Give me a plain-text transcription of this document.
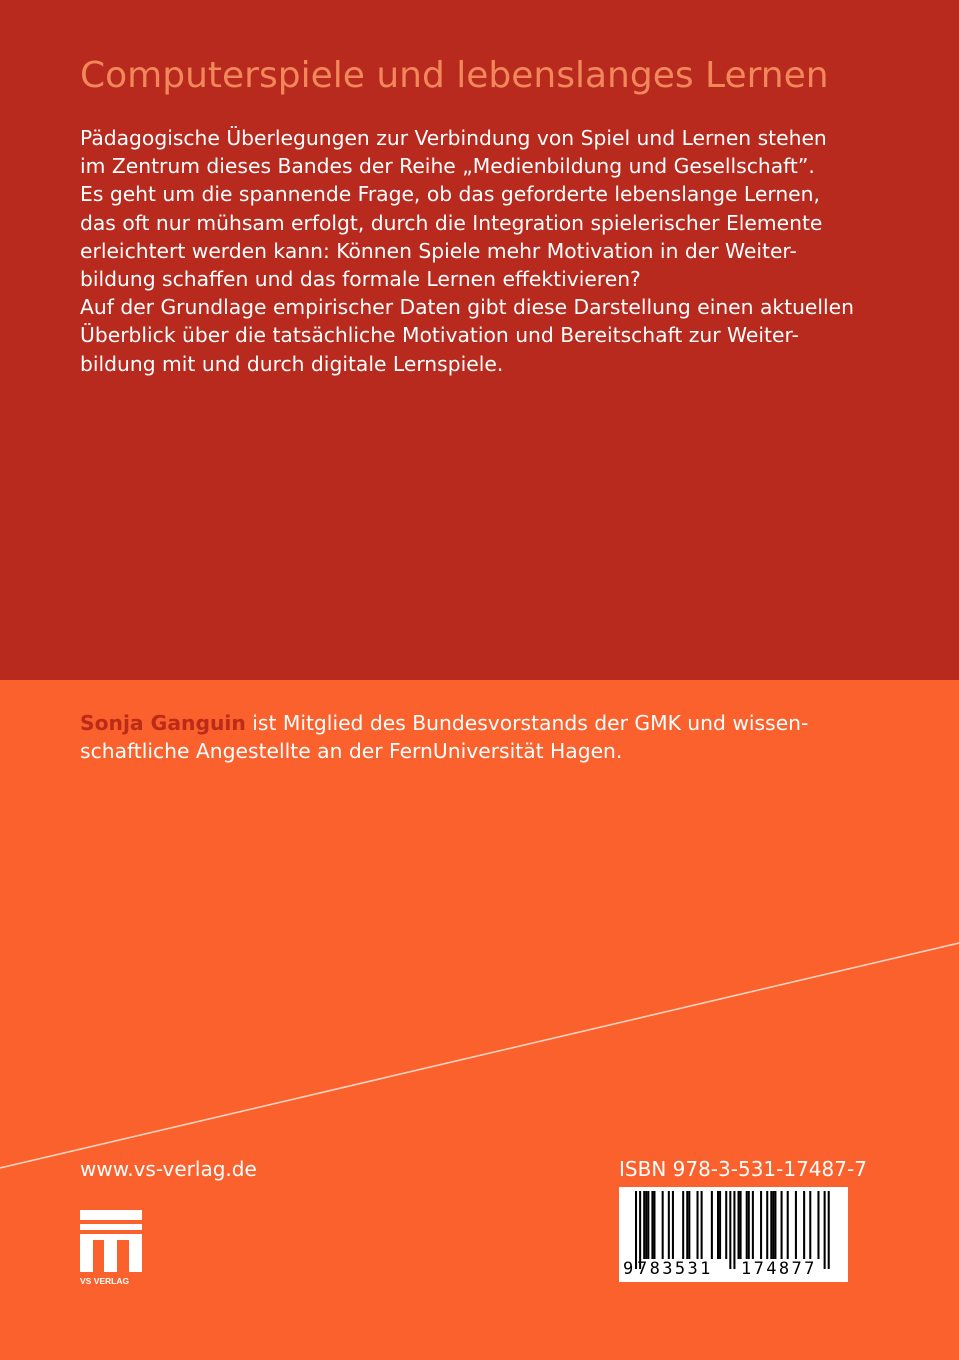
Computerspiele und lebenslanges Lernen
Pädagogische Überlegungen zur Verbindung von Spiel und Lernen stehen
im Zentrum dieses Bandes der Reihe „Medienbildung und Gesellschaft”.
Es geht um die spannende Frage, ob das geforderte lebenslange Lernen,
das oft nur mühsam erfolgt, durch die Integration spielerischer Elemente
erleichtert werden kann: Können Spiele mehr Motivation in der Weiter-
bildung schaffen und das formale Lernen effektivieren?
Auf der Grundlage empirischer Daten gibt diese Darstellung einen aktuellen
Überblick über die tatsächliche Motivation und Bereitschaft zur Weiter-
bildung mit und durch digitale Lernspiele.
Sonja Ganguin ist Mitglied des Bundesvorstands der GMK und wissen-
schaftliche Angestellte an der FernUniversität Hagen.
www.vs-verlag.de
VS VERLAG
ISBN 978-3-531-17487-7
9 783531 174877
